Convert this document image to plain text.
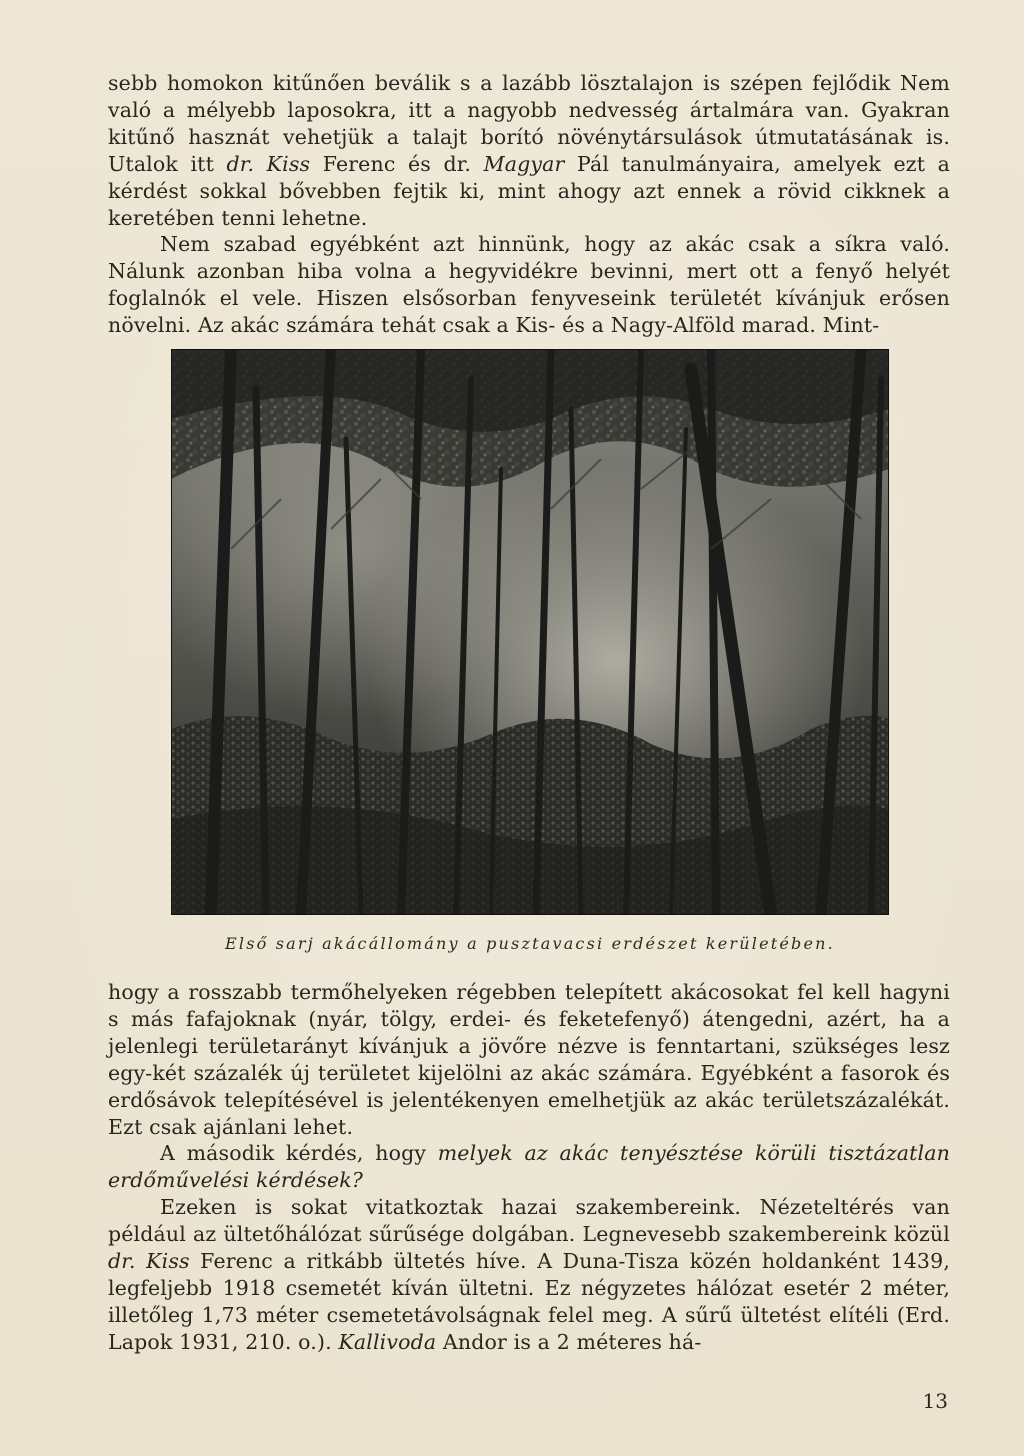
sebb homokon kitűnően beválik s a lazább lösztalajon is szépen fejlődik Nem való a mélyebb laposokra, itt a nagyobb nedvesség ártalmára van. Gyakran kitűnő hasznát vehetjük a talajt borító növénytársulások útmutatásának is. Utalok itt dr. Kiss Ferenc és dr. Magyar Pál tanulmányaira, amelyek ezt a kérdést sokkal bővebben fejtik ki, mint ahogy azt ennek a rövid cikknek a keretében tenni lehetne.

Nem szabad egyébként azt hinnünk, hogy az akác csak a síkra való. Nálunk azonban hiba volna a hegyvidékre bevinni, mert ott a fenyő helyét foglalnók el vele. Hiszen elsősorban fenyveseink területét kívánjuk erősen növelni. Az akác számára tehát csak a Kis- és a Nagy-Alföld marad. Mint-

Első sarj akácállomány a pusztavacsi erdészet kerületében.

hogy a rosszabb termőhelyeken régebben telepített akácosokat fel kell hagyni s más fafajoknak (nyár, tölgy, erdei- és feketefenyő) átengedni, azért, ha a jelenlegi területarányt kívánjuk a jövőre nézve is fenntartani, szükséges lesz egy-két százalék új területet kijelölni az akác számára. Egyébként a fasorok és erdősávok telepítésével is jelentékenyen emelhetjük az akác területszázalékát. Ezt csak ajánlani lehet.

A második kérdés, hogy melyek az akác tenyésztése körüli tisztázatlan erdőművelési kérdések?

Ezeken is sokat vitatkoztak hazai szakembereink. Nézeteltérés van például az ültetőhálózat sűrűsége dolgában. Legnevesebb szakembereink közül dr. Kiss Ferenc a ritkább ültetés híve. A Duna-Tisza közén holdanként 1439, legfeljebb 1918 csemetét kíván ültetni. Ez négyzetes hálózat esetér 2 méter, illetőleg 1,73 méter csemetetávolságnak felel meg. A sűrű ültetést elítéli (Erd. Lapok 1931, 210. o.). Kallivoda Andor is a 2 méteres há-

13
